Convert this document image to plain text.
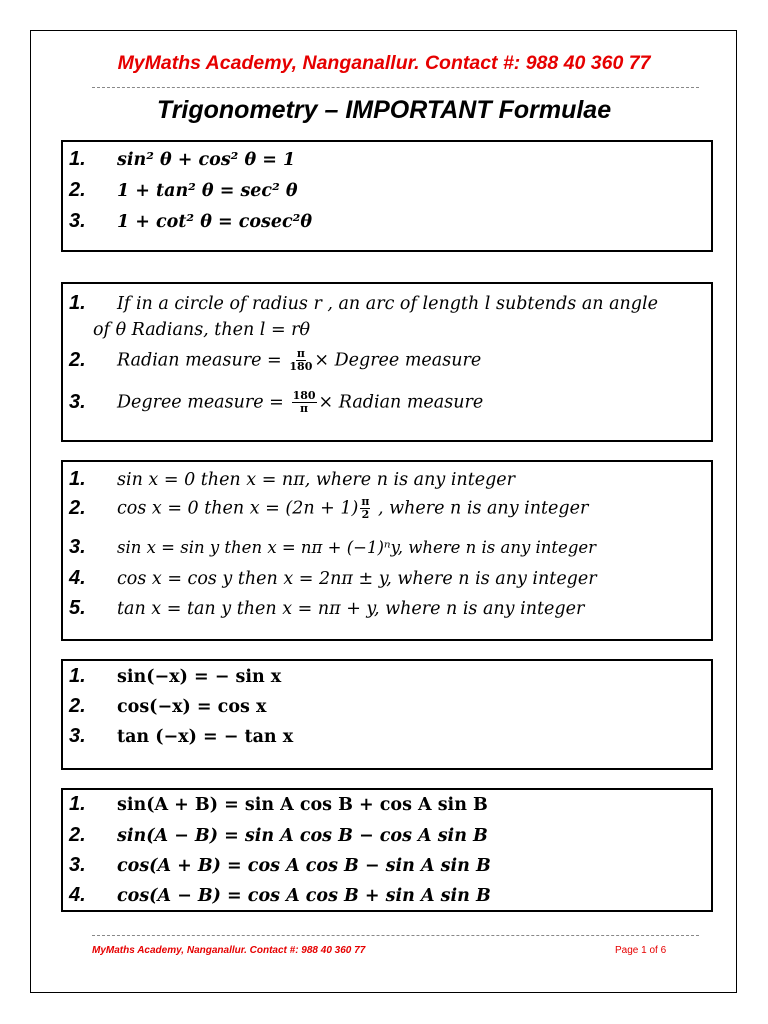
MyMaths Academy, Nanganallur. Contact #: 988 40 360 77
Trigonometry – IMPORTANT Formulae
1. sin² θ + cos² θ = 1
2. 1 + tan² θ = sec² θ
3. 1 + cot² θ = cosec²θ
1. If in a circle of radius r , an arc of length l subtends an angle
of θ Radians, then l = rθ
2. Radian measure = $\frac{\pi}{180}$ × Degree measure
3. Degree measure = $\frac{180}{\pi}$ × Radian measure
1. sin x = 0 then x = nπ, where n is any integer
2. cos x = 0 then $x = (2n + 1) \frac{\pi}{2}$ , where n is any integer
3. sin x = sin y then x = nπ + (−1)ⁿy, where n is any integer
4. cos x = cos y then x = 2nπ ± y, where n is any integer
5. tan x = tan y then x = nπ + y, where n is any integer
1. sin(−x) = − sin x
2. cos(−x) = cos x
3. tan (−x) = − tan x
1. sin(A + B) = sin A cos B + cos A sin B
2. sin(A − B) = sin A cos B − cos A sin B
3. cos(A + B) = cos A cos B − sin A sin B
4. cos(A − B) = cos A cos B + sin A sin B
MyMaths Academy, Nanganallur. Contact #: 988 40 360 77	Page 1 of 6
